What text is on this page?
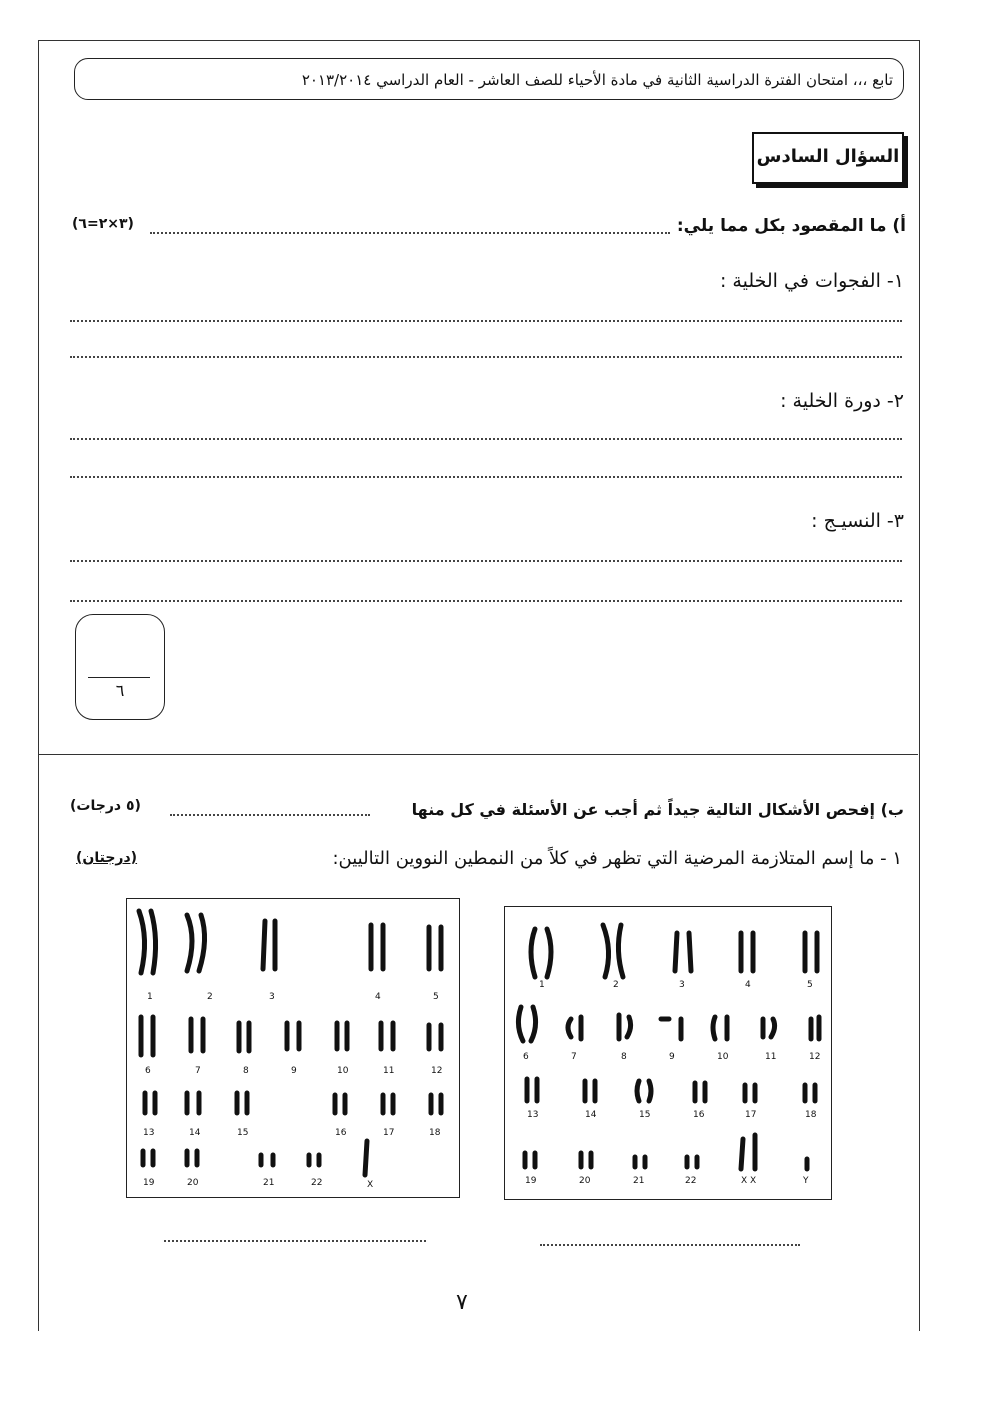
تابع ،،، امتحان الفترة الدراسية الثانية في مادة الأحياء للصف العاشر - العام الدراسي ٢٠١٣/٢٠١٤
السؤال السادس
أ) ما المقصود بكل مما يلي:
(٣×٢=٦)
١- الفجوات في الخلية :
٢- دورة الخلية :
٣- النسيـج :
٦
ب) إفحص الأشكال التالية جيداً ثم أجب عن الأسئلة في كل منها
(٥ درجات)
١ - ما إسم المتلازمة المرضية التي تظهر في كلاً من النمطين النووين التاليين:
(درجتان)
1	2	3	4	5
6	7	8	9	10	11	12
13	14	15	16	17	18
19	20	21	22	X X	Y
1	2	3	4	5
6	7	8	9	10	11	12
13	14	15	16	17	18
19	20	21	22	X
٧
